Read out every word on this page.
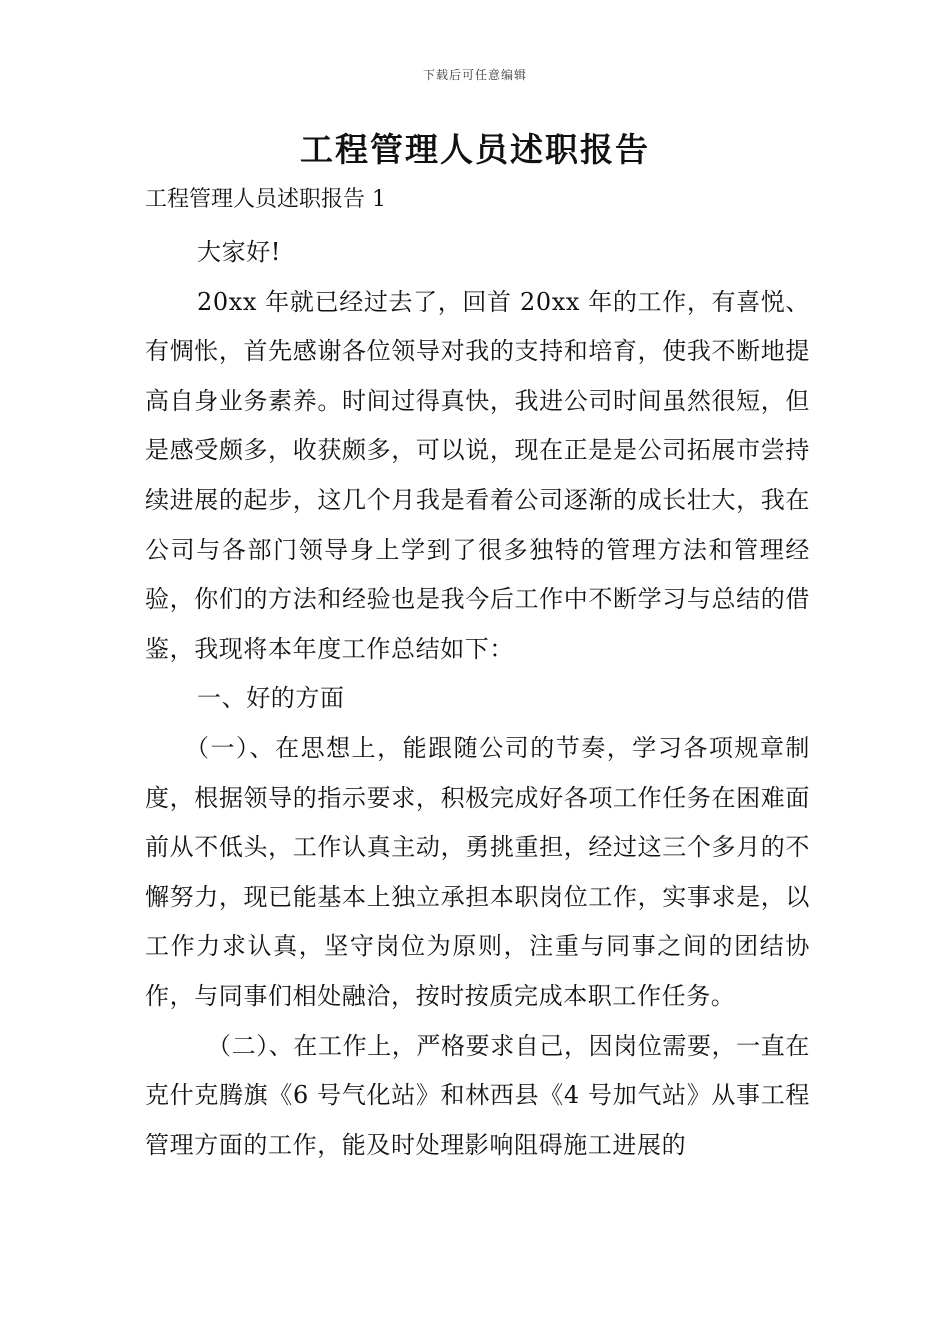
下载后可任意编辑
工程管理人员述职报告
工程管理人员述职报告 1

大家好!

20xx 年就已经过去了，回首 20xx 年的工作，有喜悦、有惆怅，首先感谢各位领导对我的支持和培育，使我不断地提高自身业务素养。时间过得真快，我进公司时间虽然很短，但是感受颇多，收获颇多，可以说，现在正是是公司拓展市尝持续进展的起步，这几个月我是看着公司逐渐的成长壮大，我在公司与各部门领导身上学到了很多独特的管理方法和管理经验，你们的方法和经验也是我今后工作中不断学习与总结的借鉴，我现将本年度工作总结如下：

一、好的方面

（一）、在思想上，能跟随公司的节奏，学习各项规章制度，根据领导的指示要求，积极完成好各项工作任务在困难面前从不低头，工作认真主动，勇挑重担，经过这三个多月的不懈努力，现已能基本上独立承担本职岗位工作，实事求是，以工作力求认真，坚守岗位为原则，注重与同事之间的团结协作，与同事们相处融洽，按时按质完成本职工作任务。

（二）、在工作上，严格要求自己，因岗位需要，一直在克什克腾旗《6 号气化站》和林西县《4 号加气站》从事工程管理方面的工作，能及时处理影响阻碍施工进展的
